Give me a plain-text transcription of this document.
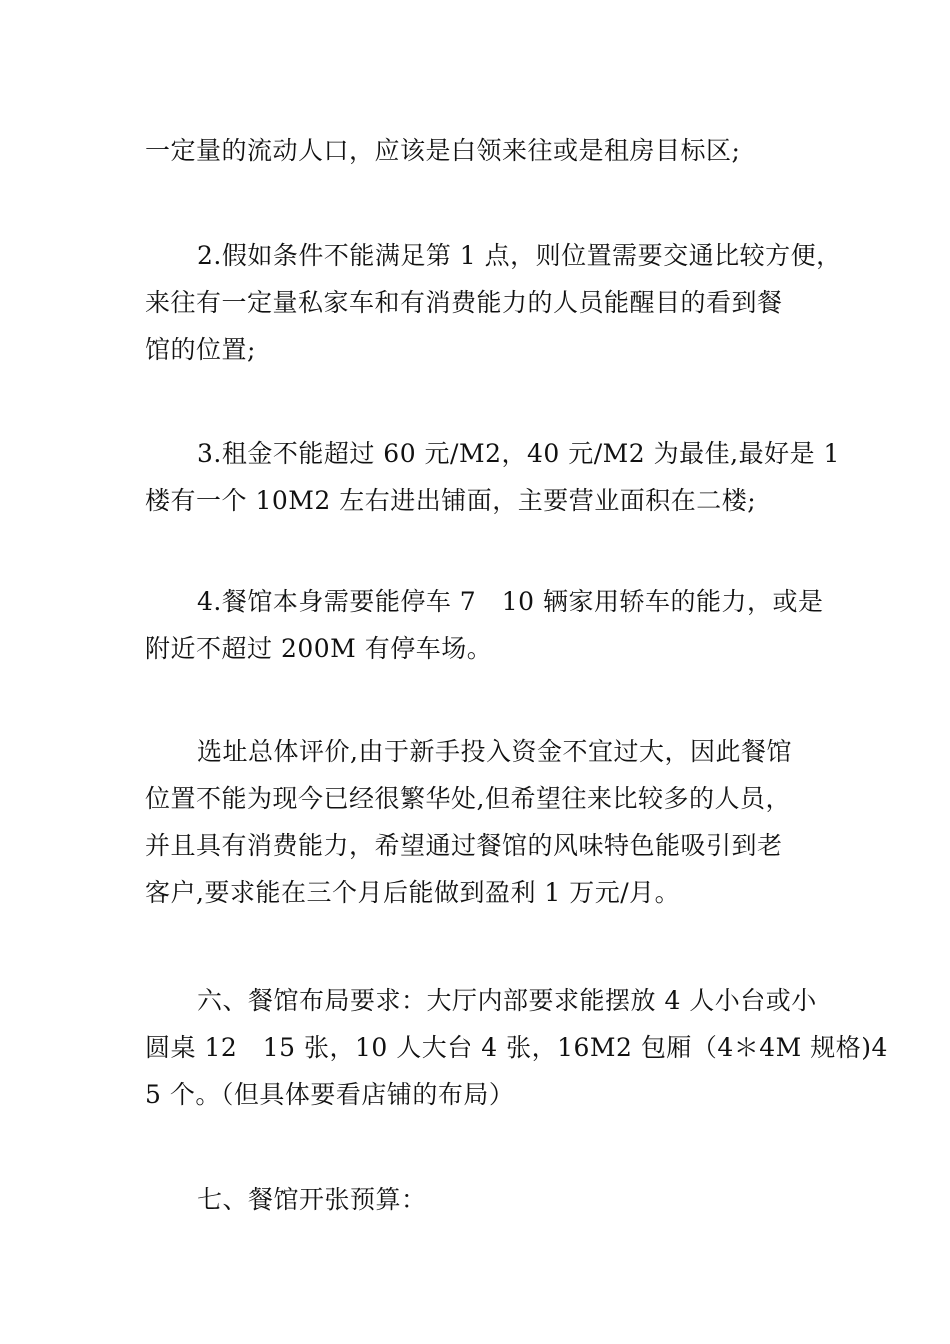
一定量的流动人口，应该是白领来往或是租房目标区;

2.假如条件不能满足第 1 点，则位置需要交通比较方便，
来往有一定量私家车和有消费能力的人员能醒目的看到餐
馆的位置;

3.租金不能超过 60 元/M2，40 元/M2 为最佳,最好是 1
楼有一个 10M2 左右进出铺面，主要营业面积在二楼;

4.餐馆本身需要能停车 7　10 辆家用轿车的能力，或是
附近不超过 200M 有停车场。

选址总体评价,由于新手投入资金不宜过大，因此餐馆
位置不能为现今已经很繁华处,但希望往来比较多的人员，
并且具有消费能力，希望通过餐馆的风味特色能吸引到老
客户,要求能在三个月后能做到盈利 1 万元/月。

六、餐馆布局要求：大厅内部要求能摆放 4 人小台或小
圆桌 12　15 张，10 人大台 4 张，16M2 包厢（4＊4M 规格)4
5 个。（但具体要看店铺的布局）

七、餐馆开张预算：
